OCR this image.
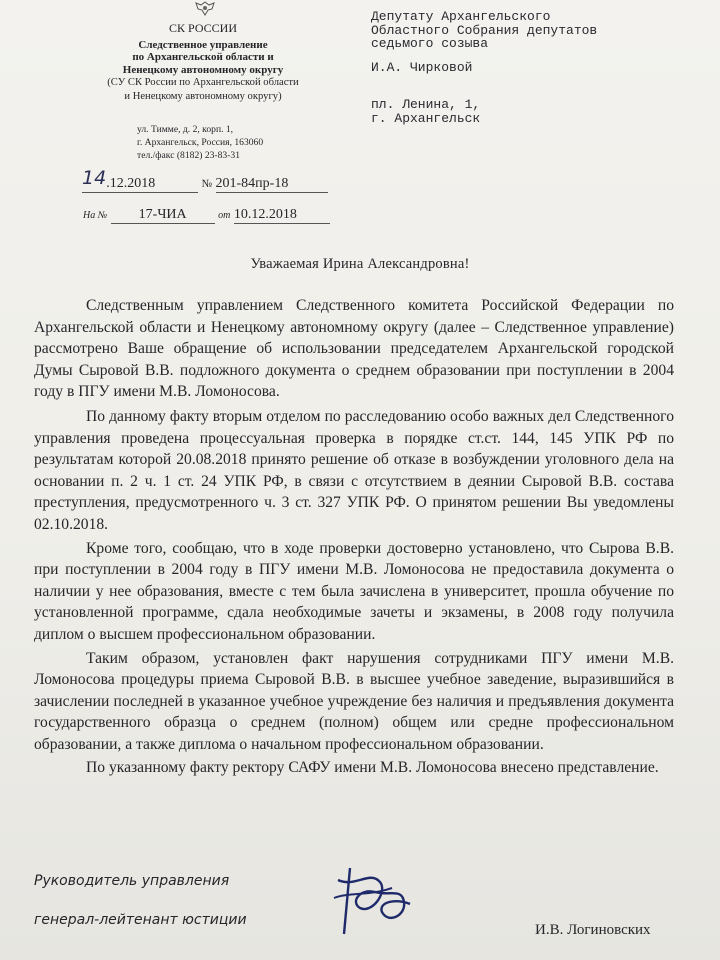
СК РОССИИ
Следственное управление
по Архангельской области и
Ненецкому автономному округу
(СУ СК России по Архангельской области
и Ненецкому автономному округу)
ул. Тимме, д. 2, корп. 1,
г. Архангельск, Россия, 163060
тел./факс (8182) 23-83-31
Депутату Архангельского
Областного Собрания депутатов
седьмого созыва
И.А. Чирковой
пл. Ленина, 1,
г. Архангельск
14.12.2018	№ 201-84пр-18
На № 17-ЧИА	от 10.12.2018
Уважаемая Ирина Александровна!

Следственным управлением Следственного комитета Российской Федерации по Архангельской области и Ненецкому автономному округу (далее – Следственное управление) рассмотрено Ваше обращение об использовании председателем Архангельской городской Думы Сыровой В.В. подложного документа о среднем образовании при поступлении в 2004 году в ПГУ имени М.В. Ломоносова.

По данному факту вторым отделом по расследованию особо важных дел Следственного управления проведена процессуальная проверка в порядке ст.ст. 144, 145 УПК РФ по результатам которой 20.08.2018 принято решение об отказе в возбуждении уголовного дела на основании п. 2 ч. 1 ст. 24 УПК РФ, в связи с отсутствием в деянии Сыровой В.В. состава преступления, предусмотренного ч. 3 ст. 327 УПК РФ. О принятом решении Вы уведомлены 02.10.2018.

Кроме того, сообщаю, что в ходе проверки достоверно установлено, что Сырова В.В. при поступлении в 2004 году в ПГУ имени М.В. Ломоносова не предоставила документа о наличии у нее образования, вместе с тем была зачислена в университет, прошла обучение по установленной программе, сдала необходимые зачеты и экзамены, в 2008 году получила диплом о высшем профессиональном образовании.

Таким образом, установлен факт нарушения сотрудниками ПГУ имени М.В. Ломоносова процедуры приема Сыровой В.В. в высшее учебное заведение, выразившийся в зачислении последней в указанное учебное учреждение без наличия и предъявления документа государственного образца о среднем (полном) общем или средне профессиональном образовании, а также диплома о начальном профессиональном образовании.

По указанному факту ректору САФУ имени М.В. Ломоносова внесено представление.

Руководитель управления
генерал-лейтенант юстиции
И.В. Логиновских
